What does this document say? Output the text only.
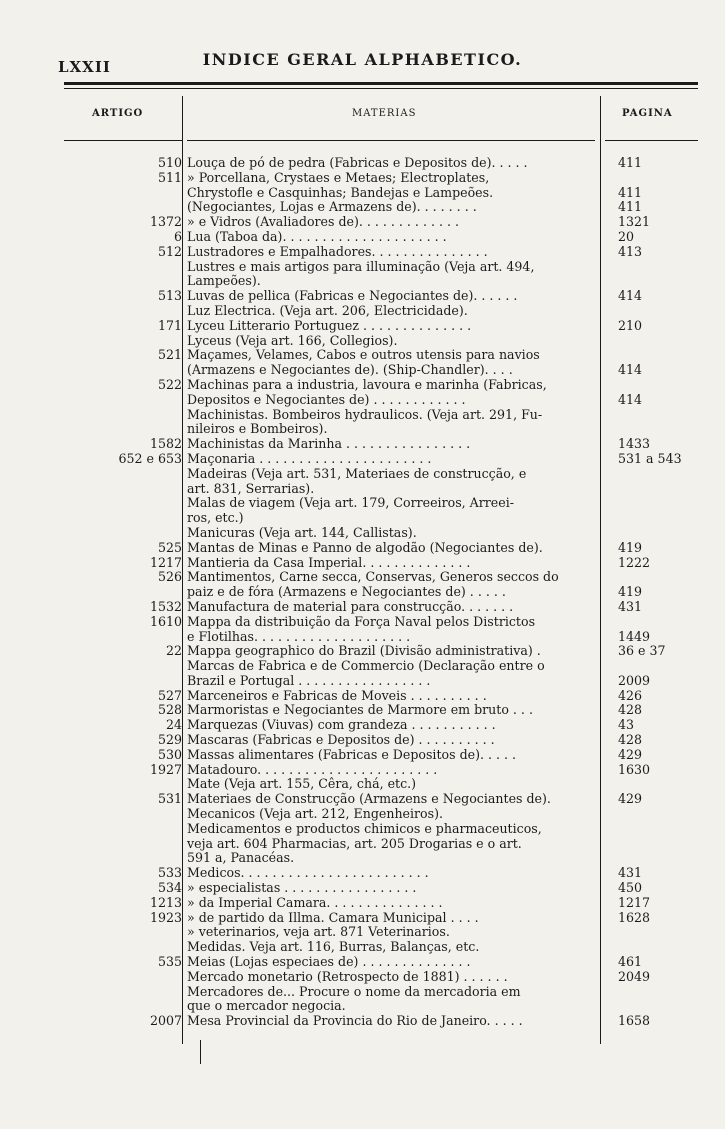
LXXII	INDICE GERAL ALPHABETICO.
ARTIGO	MATERIAS	PAGINA
510 Louça de pó de pedra (Fabricas e Depositos de). . . . .	411
511 » Porcellana, Crystaes e Metaes; Electroplates,
Chrystofle e Casquinhas; Bandejas e Lampeões.	411
(Negociantes, Lojas e Armazens de). . . . . . . .	411
1372 » e Vidros (Avaliadores de). . . . . . . . . . . . .	1321
6 Lua (Taboa da). . . . . . . . . . . . . . . . . . . . .	20
512 Lustradores e Empalhadores. . . . . . . . . . . . . . .	413
Lustres e mais artigos para illuminação (Veja art. 494,
Lampeões).
513 Luvas de pellica (Fabricas e Negociantes de). . . . . .	414
Luz Electrica. (Veja art. 206, Electricidade).
171 Lyceu Litterario Portuguez . . . . . . . . . . . . . .	210
Lyceus (Veja art. 166, Collegios).
521 Maçames, Velames, Cabos e outros utensis para navios
(Armazens e Negociantes de). (Ship-Chandler). . . .	414
522 Machinas para a industria, lavoura e marinha (Fabricas,
Depositos e Negociantes de) . . . . . . . . . . . .	414
Machinistas. Bombeiros hydraulicos. (Veja art. 291, Fu-
nileiros e Bombeiros).
1582 Machinistas da Marinha . . . . . . . . . . . . . . . .	1433
652 e 653 Maçonaria . . . . . . . . . . . . . . . . . . . . . .	531 a 543
Madeiras (Veja art. 531, Materiaes de construcção, e
art. 831, Serrarias).
Malas de viagem (Veja art. 179, Correeiros, Arreei-
ros, etc.)
Manicuras (Veja art. 144, Callistas).
525 Mantas de Minas e Panno de algodão (Negociantes de).	419
1217 Mantieria da Casa Imperial. . . . . . . . . . . . . .	1222
526 Mantimentos, Carne secca, Conservas, Generos seccos do
paiz e de fóra (Armazens e Negociantes de) . . . . .	419
1532 Manufactura de material para construcção. . . . . . .	431
1610 Mappa da distribuição da Força Naval pelos Districtos
e Flotilhas. . . . . . . . . . . . . . . . . . . .	1449
22 Mappa geographico do Brazil (Divisão administrativa) .	36 e 37
Marcas de Fabrica e de Commercio (Declaração entre o
Brazil e Portugal . . . . . . . . . . . . . . . . .	2009
527 Marceneiros e Fabricas de Moveis . . . . . . . . . .	426
528 Marmoristas e Negociantes de Marmore em bruto . . .	428
24 Marquezas (Viuvas) com grandeza . . . . . . . . . . .	43
529 Mascaras (Fabricas e Depositos de) . . . . . . . . . .	428
530 Massas alimentares (Fabricas e Depositos de). . . . .	429
1927 Matadouro. . . . . . . . . . . . . . . . . . . . . . .	1630
Mate (Veja art. 155, Cêra, chá, etc.)
531 Materiaes de Construcção (Armazens e Negociantes de).	429
Mecanicos (Veja art. 212, Engenheiros).
Medicamentos e productos chimicos e pharmaceuticos,
veja art. 604 Pharmacias, art. 205 Drogarias e o art.
591 a, Panacéas.
533 Medicos. . . . . . . . . . . . . . . . . . . . . . . .	431
534 » especialistas . . . . . . . . . . . . . . . . .	450
1213 » da Imperial Camara. . . . . . . . . . . . . . .	1217
1923 » de partido da Illma. Camara Municipal . . . .	1628
» veterinarios, veja art. 871 Veterinarios.
Medidas. Veja art. 116, Burras, Balanças, etc.
535 Meias (Lojas especiaes de) . . . . . . . . . . . . . .	461
Mercado monetario (Retrospecto de 1881) . . . . . .	2049
Mercadores de... Procure o nome da mercadoria em
que o mercador negocia.
2007 Mesa Provincial da Provincia do Rio de Janeiro. . . . .	1658
